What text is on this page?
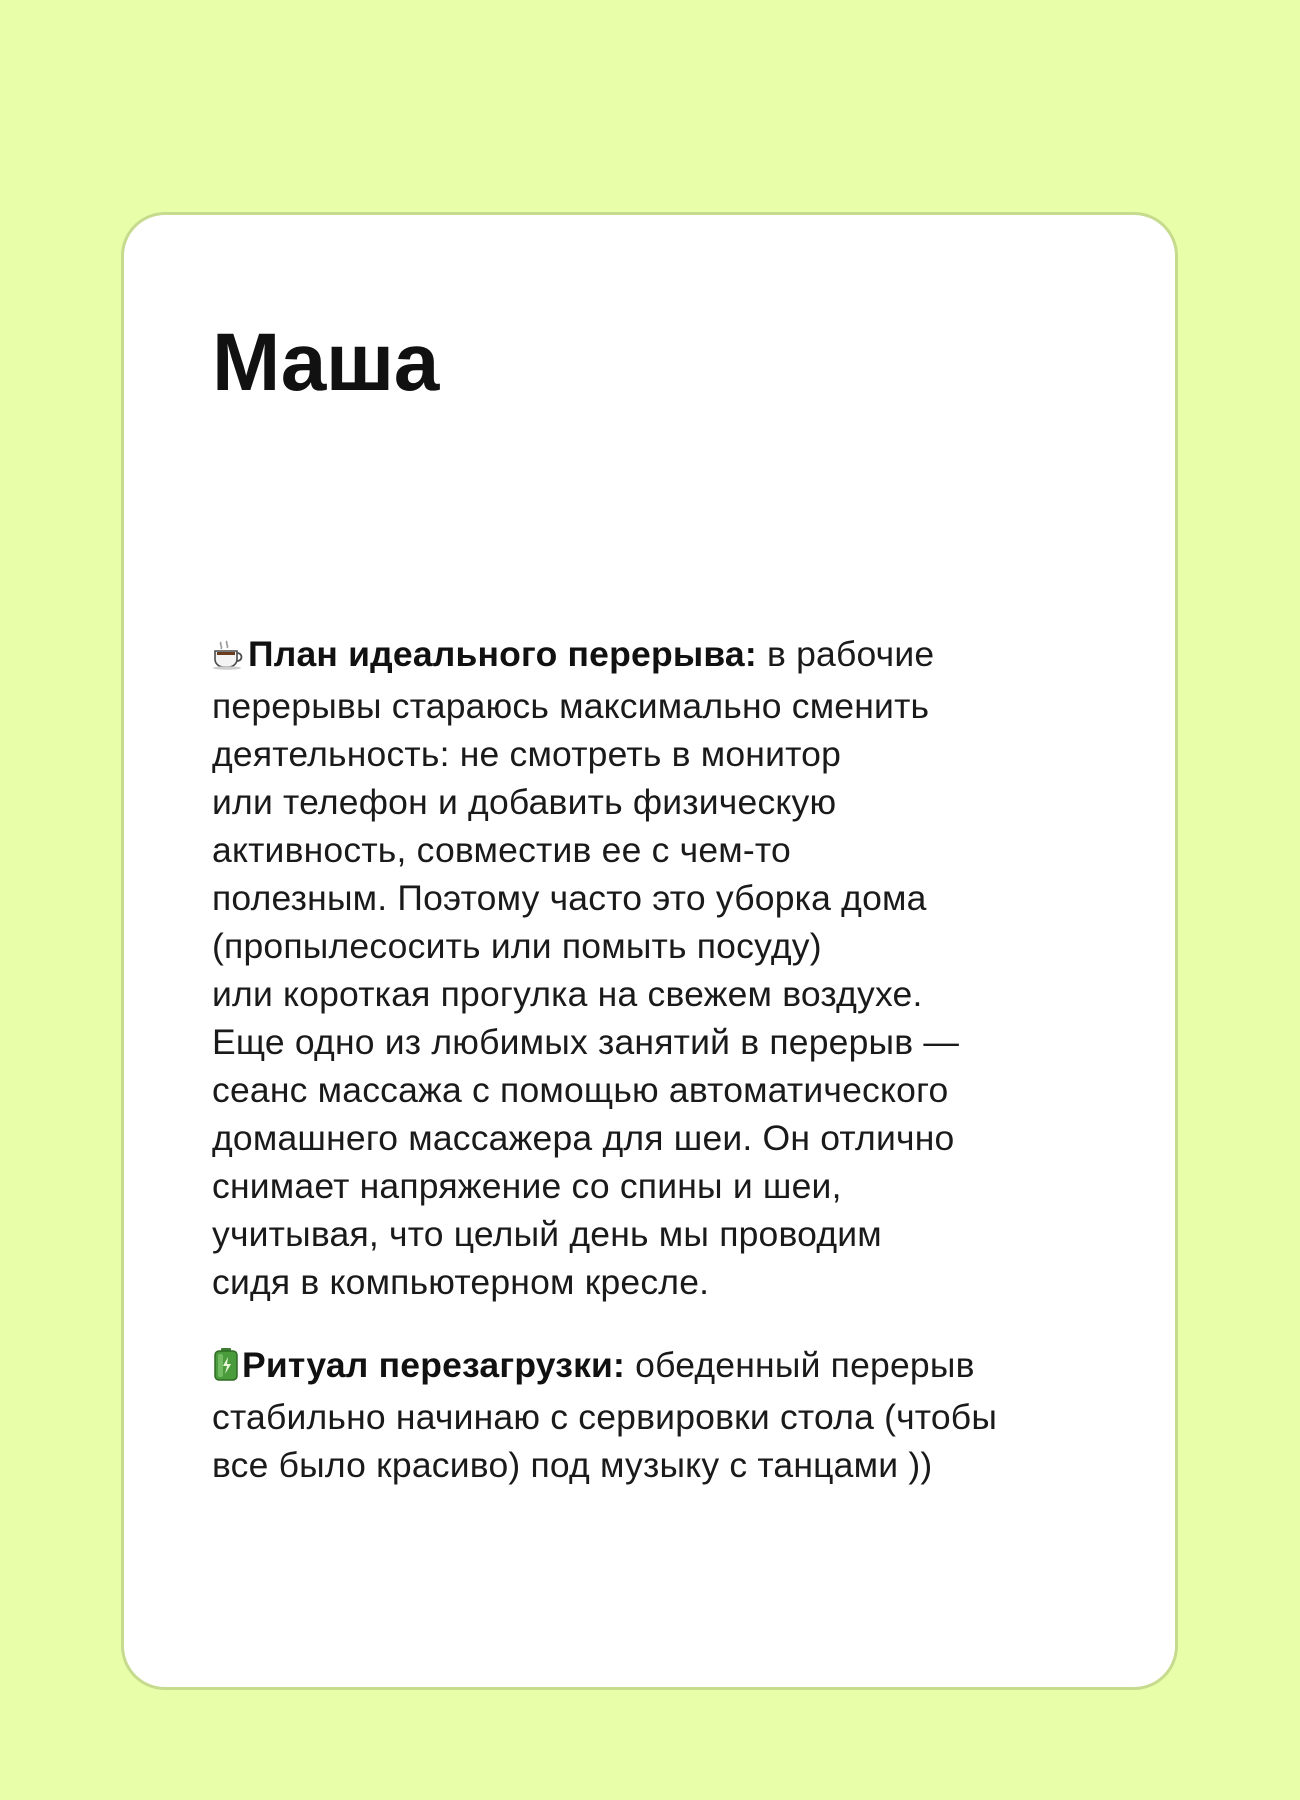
Маша
План идеального перерыва: в рабочие
перерывы стараюсь максимально сменить
деятельность: не смотреть в монитор
или телефон и добавить физическую
активность, совместив ее с чем-то
полезным. Поэтому часто это уборка дома
(пропылесосить или помыть посуду)
или короткая прогулка на свежем воздухе.
Еще одно из любимых занятий в перерыв —
сеанс массажа с помощью автоматического
домашнего массажера для шеи. Он отлично
снимает напряжение со спины и шеи,
учитывая, что целый день мы проводим
сидя в компьютерном кресле.
Ритуал перезагрузки: обеденный перерыв
стабильно начинаю с сервировки стола (чтобы
все было красиво) под музыку с танцами ))
